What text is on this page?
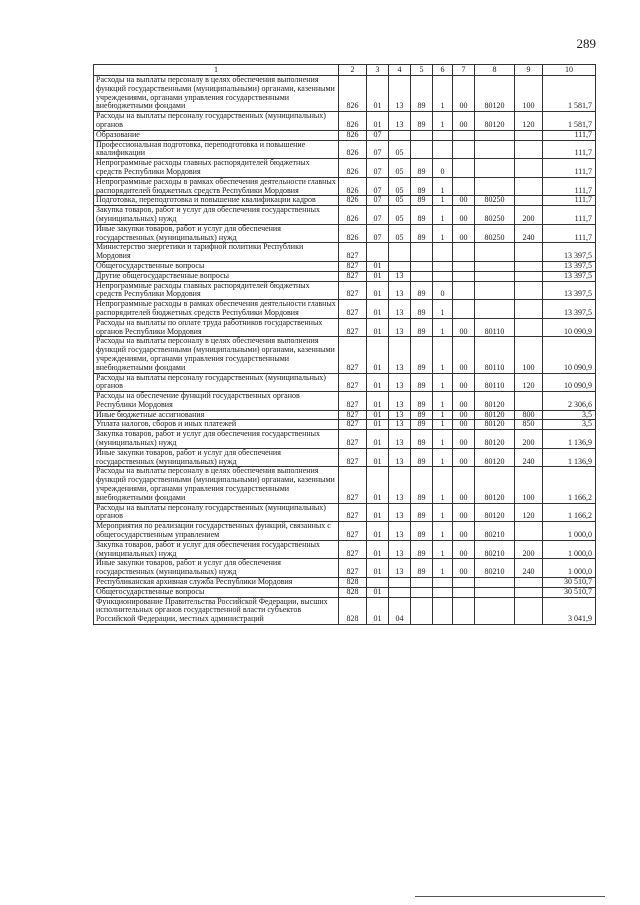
289
1	2	3	4	5	6	7	8	9	10
Расходы на выплаты персоналу в целях обеспечения выполнения функций государственными (муниципальными) органами, казенными учреждениями, органами управления государственными внебюджетными фондами	826	01	13	89	1	00	80120	100	1 581,7
Расходы на выплаты персоналу государственных (муниципальных) органов	826	01	13	89	1	00	80120	120	1 581,7
Образование	826	07							111,7
Профессиональная подготовка, переподготовка и повышение квалификации	826	07	05						111,7
Непрограммные расходы главных распорядителей бюджетных средств Республики Мордовия	826	07	05	89	0				111,7
Непрограммные расходы в рамках обеспечения деятельности главных распорядителей бюджетных средств Республики Мордовия	826	07	05	89	1				111,7
Подготовка, переподготовка и повышение квалификации кадров	826	07	05	89	1	00	80250		111,7
Закупка товаров, работ и услуг для обеспечения государственных (муниципальных) нужд	826	07	05	89	1	00	80250	200	111,7
Иные закупки товаров, работ и услуг для обеспечения государственных (муниципальных) нужд	826	07	05	89	1	00	80250	240	111,7
Министерство энергетики и тарифной политики Республики Мордовия	827								13 397,5
Общегосударственные вопросы	827	01							13 397,5
Другие общегосударственные вопросы	827	01	13						13 397,5
Непрограммные расходы главных распорядителей бюджетных средств Республики Мордовия	827	01	13	89	0				13 397,5
Непрограммные расходы в рамках обеспечения деятельности главных распорядителей бюджетных средств Республики Мордовия	827	01	13	89	1				13 397,5
Расходы на выплаты по оплате труда работников государственных органов Республики Мордовия	827	01	13	89	1	00	80110		10 090,9
Расходы на выплаты персоналу в целях обеспечения выполнения функций государственными (муниципальными) органами, казенными учреждениями, органами управления государственными внебюджетными фондами	827	01	13	89	1	00	80110	100	10 090,9
Расходы на выплаты персоналу государственных (муниципальных) органов	827	01	13	89	1	00	80110	120	10 090,9
Расходы на обеспечение функций государственных органов Республики Мордовия	827	01	13	89	1	00	80120		2 306,6
Иные бюджетные ассигнования	827	01	13	89	1	00	80120	800	3,5
Уплата налогов, сборов и иных платежей	827	01	13	89	1	00	80120	850	3,5
Закупка товаров, работ и услуг для обеспечения государственных (муниципальных) нужд	827	01	13	89	1	00	80120	200	1 136,9
Иные закупки товаров, работ и услуг для обеспечения государственных (муниципальных) нужд	827	01	13	89	1	00	80120	240	1 136,9
Расходы на выплаты персоналу в целях обеспечения выполнения функций государственными (муниципальными) органами, казенными учреждениями, органами управления государственными внебюджетными фондами	827	01	13	89	1	00	80120	100	1 166,2
Расходы на выплаты персоналу государственных (муниципальных) органов	827	01	13	89	1	00	80120	120	1 166,2
Мероприятия по реализации государственных функций, связанных с общегосударственным управлением	827	01	13	89	1	00	80210		1 000,0
Закупка товаров, работ и услуг для обеспечения государственных (муниципальных) нужд	827	01	13	89	1	00	80210	200	1 000,0
Иные закупки товаров, работ и услуг для обеспечения государственных (муниципальных) нужд	827	01	13	89	1	00	80210	240	1 000,0
Республиканская архивная служба Республики Мордовия	828								30 510,7
Общегосударственные вопросы	828	01							30 510,7
Функционирование Правительства Российской Федерации, высших исполнительных органов государственной власти субъектов Российской Федерации, местных администраций	828	01	04						3 041,9
